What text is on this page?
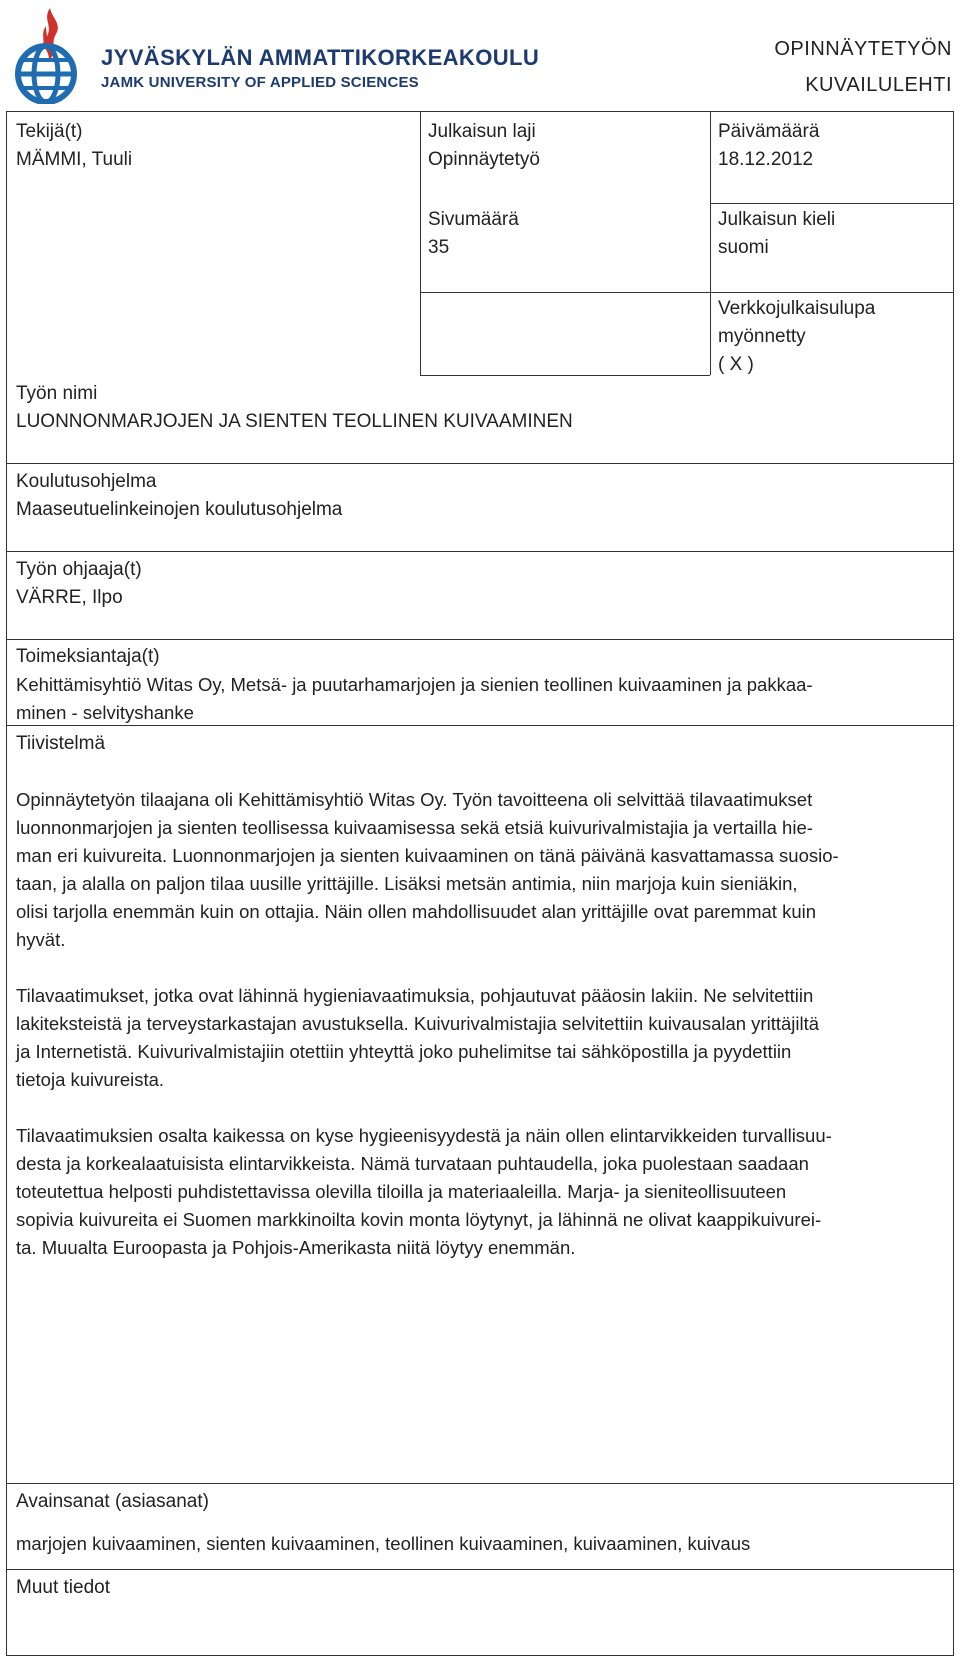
JYVÄSKYLÄN AMMATTIKORKEAKOULU
JAMK UNIVERSITY OF APPLIED SCIENCES
OPINNÄYTETYÖN
KUVAILULEHTI
Tekijä(t)
MÄMMI, Tuuli
Julkaisun laji
Opinnäytetyö
Päivämäärä
18.12.2012
Sivumäärä
35
Julkaisun kieli
suomi
Verkkojulkaisulupa
myönnetty
( X )
Työn nimi
LUONNONMARJOJEN JA SIENTEN TEOLLINEN KUIVAAMINEN
Koulutusohjelma
Maaseutuelinkeinojen koulutusohjelma
Työn ohjaaja(t)
VÄRRE, Ilpo
Toimeksiantaja(t)
Kehittämisyhtiö Witas Oy, Metsä- ja puutarhamarjojen ja sienien teollinen kuivaaminen ja pakkaa-
minen - selvityshanke
Tiivistelmä
Opinnäytetyön tilaajana oli Kehittämisyhtiö Witas Oy. Työn tavoitteena oli selvittää tilavaatimukset
luonnonmarjojen ja sienten teollisessa kuivaamisessa sekä etsiä kuivurivalmistajia ja vertailla hie-
man eri kuivureita. Luonnonmarjojen ja sienten kuivaaminen on tänä päivänä kasvattamassa suosio-
taan, ja alalla on paljon tilaa uusille yrittäjille. Lisäksi metsän antimia, niin marjoja kuin sieniäkin,
olisi tarjolla enemmän kuin on ottajia. Näin ollen mahdollisuudet alan yrittäjille ovat paremmat kuin
hyvät.
Tilavaatimukset, jotka ovat lähinnä hygieniavaatimuksia, pohjautuvat pääosin lakiin. Ne selvitettiin
lakiteksteistä ja terveystarkastajan avustuksella. Kuivurivalmistajia selvitettiin kuivausalan yrittäjiltä
ja Internetistä. Kuivurivalmistajiin otettiin yhteyttä joko puhelimitse tai sähköpostilla ja pyydettiin
tietoja kuivureista.
Tilavaatimuksien osalta kaikessa on kyse hygieenisyydestä ja näin ollen elintarvikkeiden turvallisuu-
desta ja korkealaatuisista elintarvikkeista. Nämä turvataan puhtaudella, joka puolestaan saadaan
toteutettua helposti puhdistettavissa olevilla tiloilla ja materiaaleilla. Marja- ja sieniteollisuuteen
sopivia kuivureita ei Suomen markkinoilta kovin monta löytynyt, ja lähinnä ne olivat kaappikuivurei-
ta. Muualta Euroopasta ja Pohjois-Amerikasta niitä löytyy enemmän.
Avainsanat (asiasanat)
marjojen kuivaaminen, sienten kuivaaminen, teollinen kuivaaminen, kuivaaminen, kuivaus
Muut tiedot
